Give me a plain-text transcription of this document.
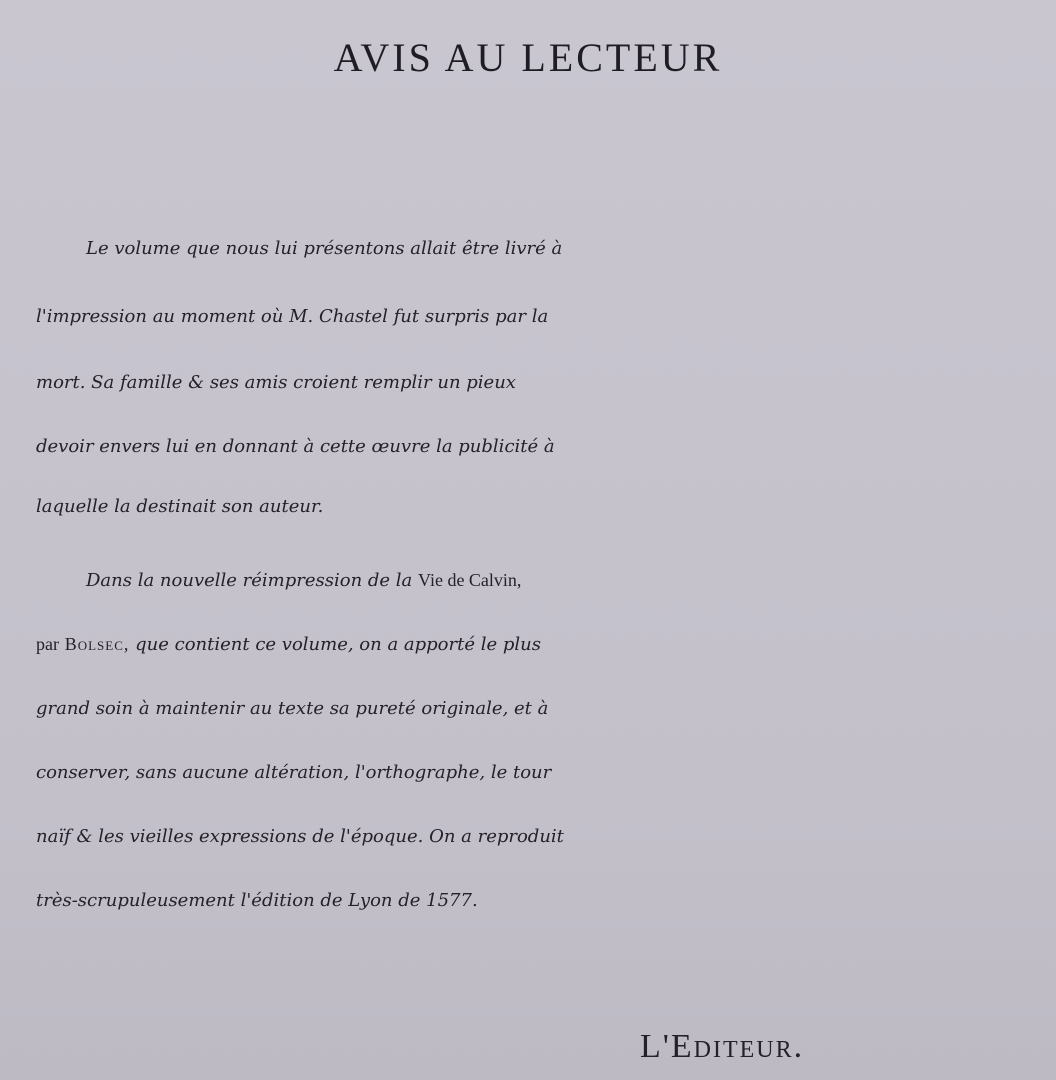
AVIS AU LECTEUR
Le volume que nous lui présentons allait être livré à
l'impression au moment où M. Chastel fut surpris par la
mort. Sa famille & ses amis croient remplir un pieux
devoir envers lui en donnant à cette œuvre la publicité à
laquelle la destinait son auteur.
Dans la nouvelle réimpression de la Vie de Calvin,
par Bolsec, que contient ce volume, on a apporté le plus
grand soin à maintenir au texte sa pureté originale, et à
conserver, sans aucune altération, l'orthographe, le tour
naïf & les vieilles expressions de l'époque. On a reproduit
très-scrupuleusement l'édition de Lyon de 1577.
L'Editeur.
